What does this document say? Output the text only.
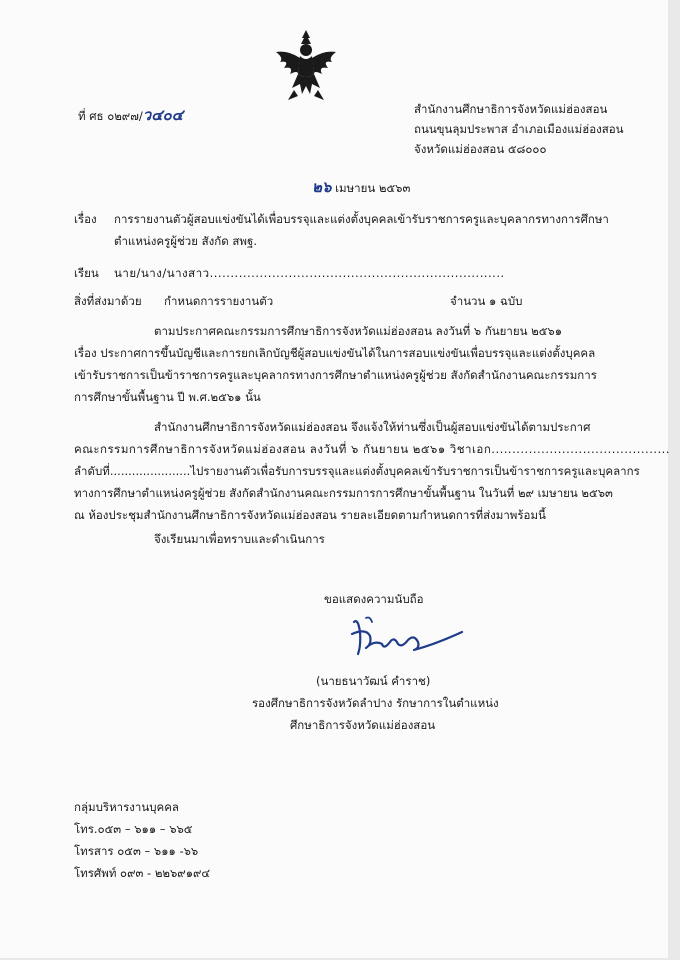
ที่ ศธ ๐๒๙๗/ว๔๐๔	สำนักงานศึกษาธิการจังหวัดแม่ฮ่องสอน
ถนนขุนลุมประพาส อำเภอเมืองแม่ฮ่องสอน
จังหวัดแม่ฮ่องสอน ๕๘๐๐๐
๒๖ เมษายน ๒๕๖๓
เรื่อง การรายงานตัวผู้สอบแข่งขันได้เพื่อบรรจุและแต่งตั้งบุคคลเข้ารับราชการครูและบุคลากรทางการศึกษา
ตำแหน่งครูผู้ช่วย สังกัด สพฐ.
เรียน นาย/นาง/นางสาว.......................................................................
สิ่งที่ส่งมาด้วย กำหนดการรายงานตัว	จำนวน ๑ ฉบับ
ตามประกาศคณะกรรมการศึกษาธิการจังหวัดแม่ฮ่องสอน ลงวันที่ ๖ กันยายน ๒๕๖๑
เรื่อง ประกาศการขึ้นบัญชีและการยกเลิกบัญชีผู้สอบแข่งขันได้ในการสอบแข่งขันเพื่อบรรจุและแต่งตั้งบุคคล
เข้ารับราชการเป็นข้าราชการครูและบุคลากรทางการศึกษาตำแหน่งครูผู้ช่วย สังกัดสำนักงานคณะกรรมการ
การศึกษาขั้นพื้นฐาน ปี พ.ศ.๒๕๖๑ นั้น
สำนักงานศึกษาธิการจังหวัดแม่ฮ่องสอน จึงแจ้งให้ท่านซึ่งเป็นผู้สอบแข่งขันได้ตามประกาศ
คณะกรรมการศึกษาธิการจังหวัดแม่ฮ่องสอน ลงวันที่ ๖ กันยายน ๒๕๖๑ วิชาเอก...........................................
ลำดับที่......................ไปรายงานตัวเพื่อรับการบรรจุและแต่งตั้งบุคคลเข้ารับราชการเป็นข้าราชการครูและบุคลากร
ทางการศึกษาตำแหน่งครูผู้ช่วย สังกัดสำนักงานคณะกรรมการการศึกษาขั้นพื้นฐาน ในวันที่ ๒๙ เมษายน ๒๕๖๓
ณ ห้องประชุมสำนักงานศึกษาธิการจังหวัดแม่ฮ่องสอน รายละเอียดตามกำหนดการที่ส่งมาพร้อมนี้
จึงเรียนมาเพื่อทราบและดำเนินการ
ขอแสดงความนับถือ
(นายธนาวัฒน์ คำราช)
รองศึกษาธิการจังหวัดลำปาง รักษาการในตำแหน่ง
ศึกษาธิการจังหวัดแม่ฮ่องสอน
กลุ่มบริหารงานบุคคล
โทร.๐๕๓ – ๖๑๑ – ๖๖๕
โทรสาร ๐๕๓ – ๖๑๑ -๖๖
โทรศัพท์ ๐๙๓ - ๒๒๖๙๑๙๔
